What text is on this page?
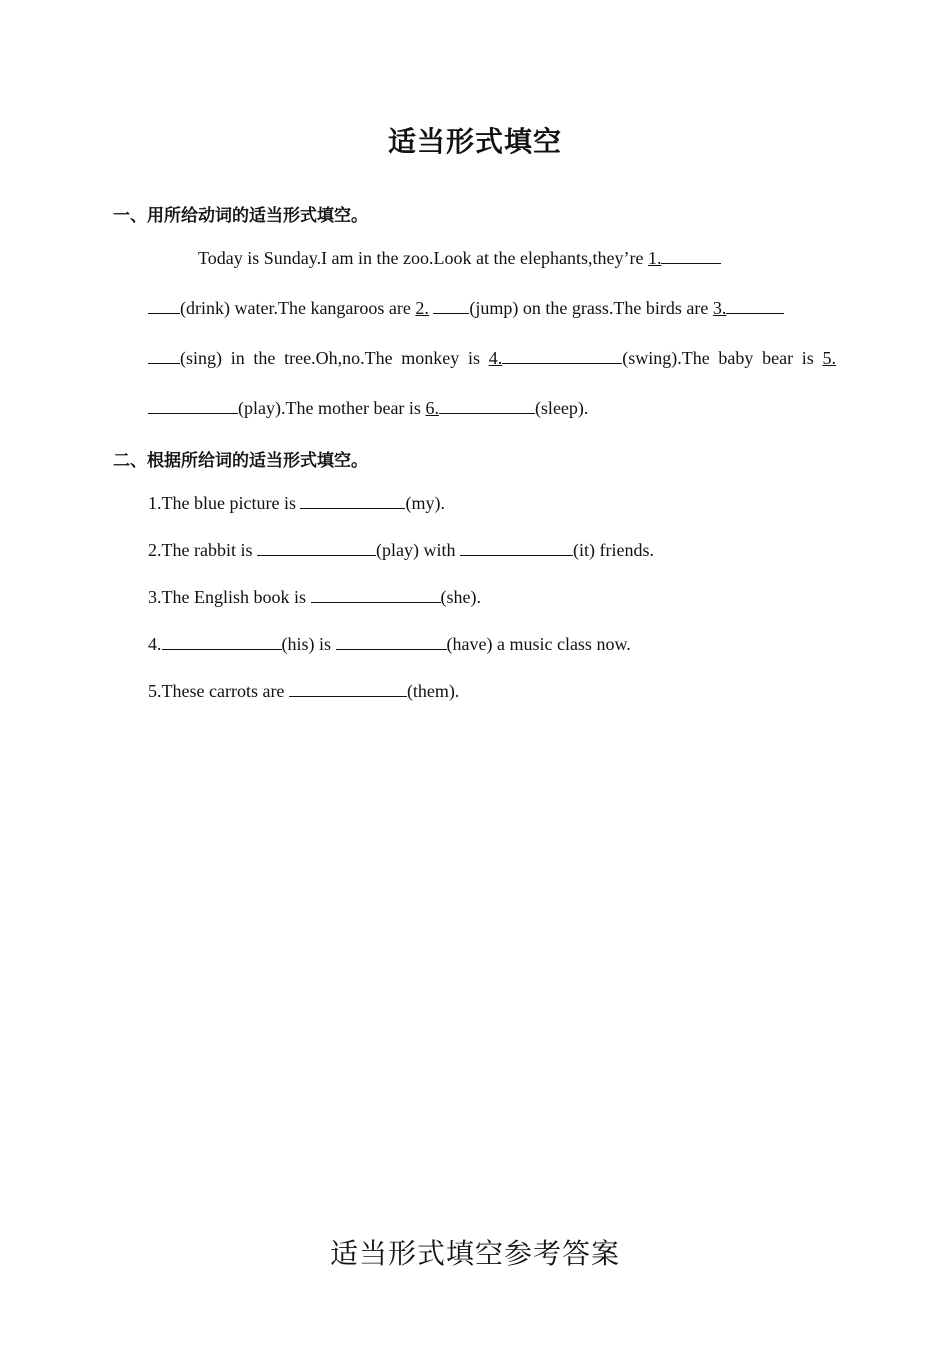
适当形式填空
一、用所给动词的适当形式填空。
Today is Sunday.I am in the zoo.Look at the elephants,they’re 1.
(drink) water.The kangaroos are 2. (jump) on the grass.The birds are 3.
(sing) in the tree.Oh,no.The monkey is 4.	(swing).The baby bear is 5.
(play).The mother bear is 6.	(sleep).
二、根据所给词的适当形式填空。
1.The blue picture is	(my).
2.The rabbit is	(play) with	(it) friends.
3.The English book is	(she).
4.	(his) is	(have) a music class now.
5.These carrots are	(them).
适当形式填空参考答案
